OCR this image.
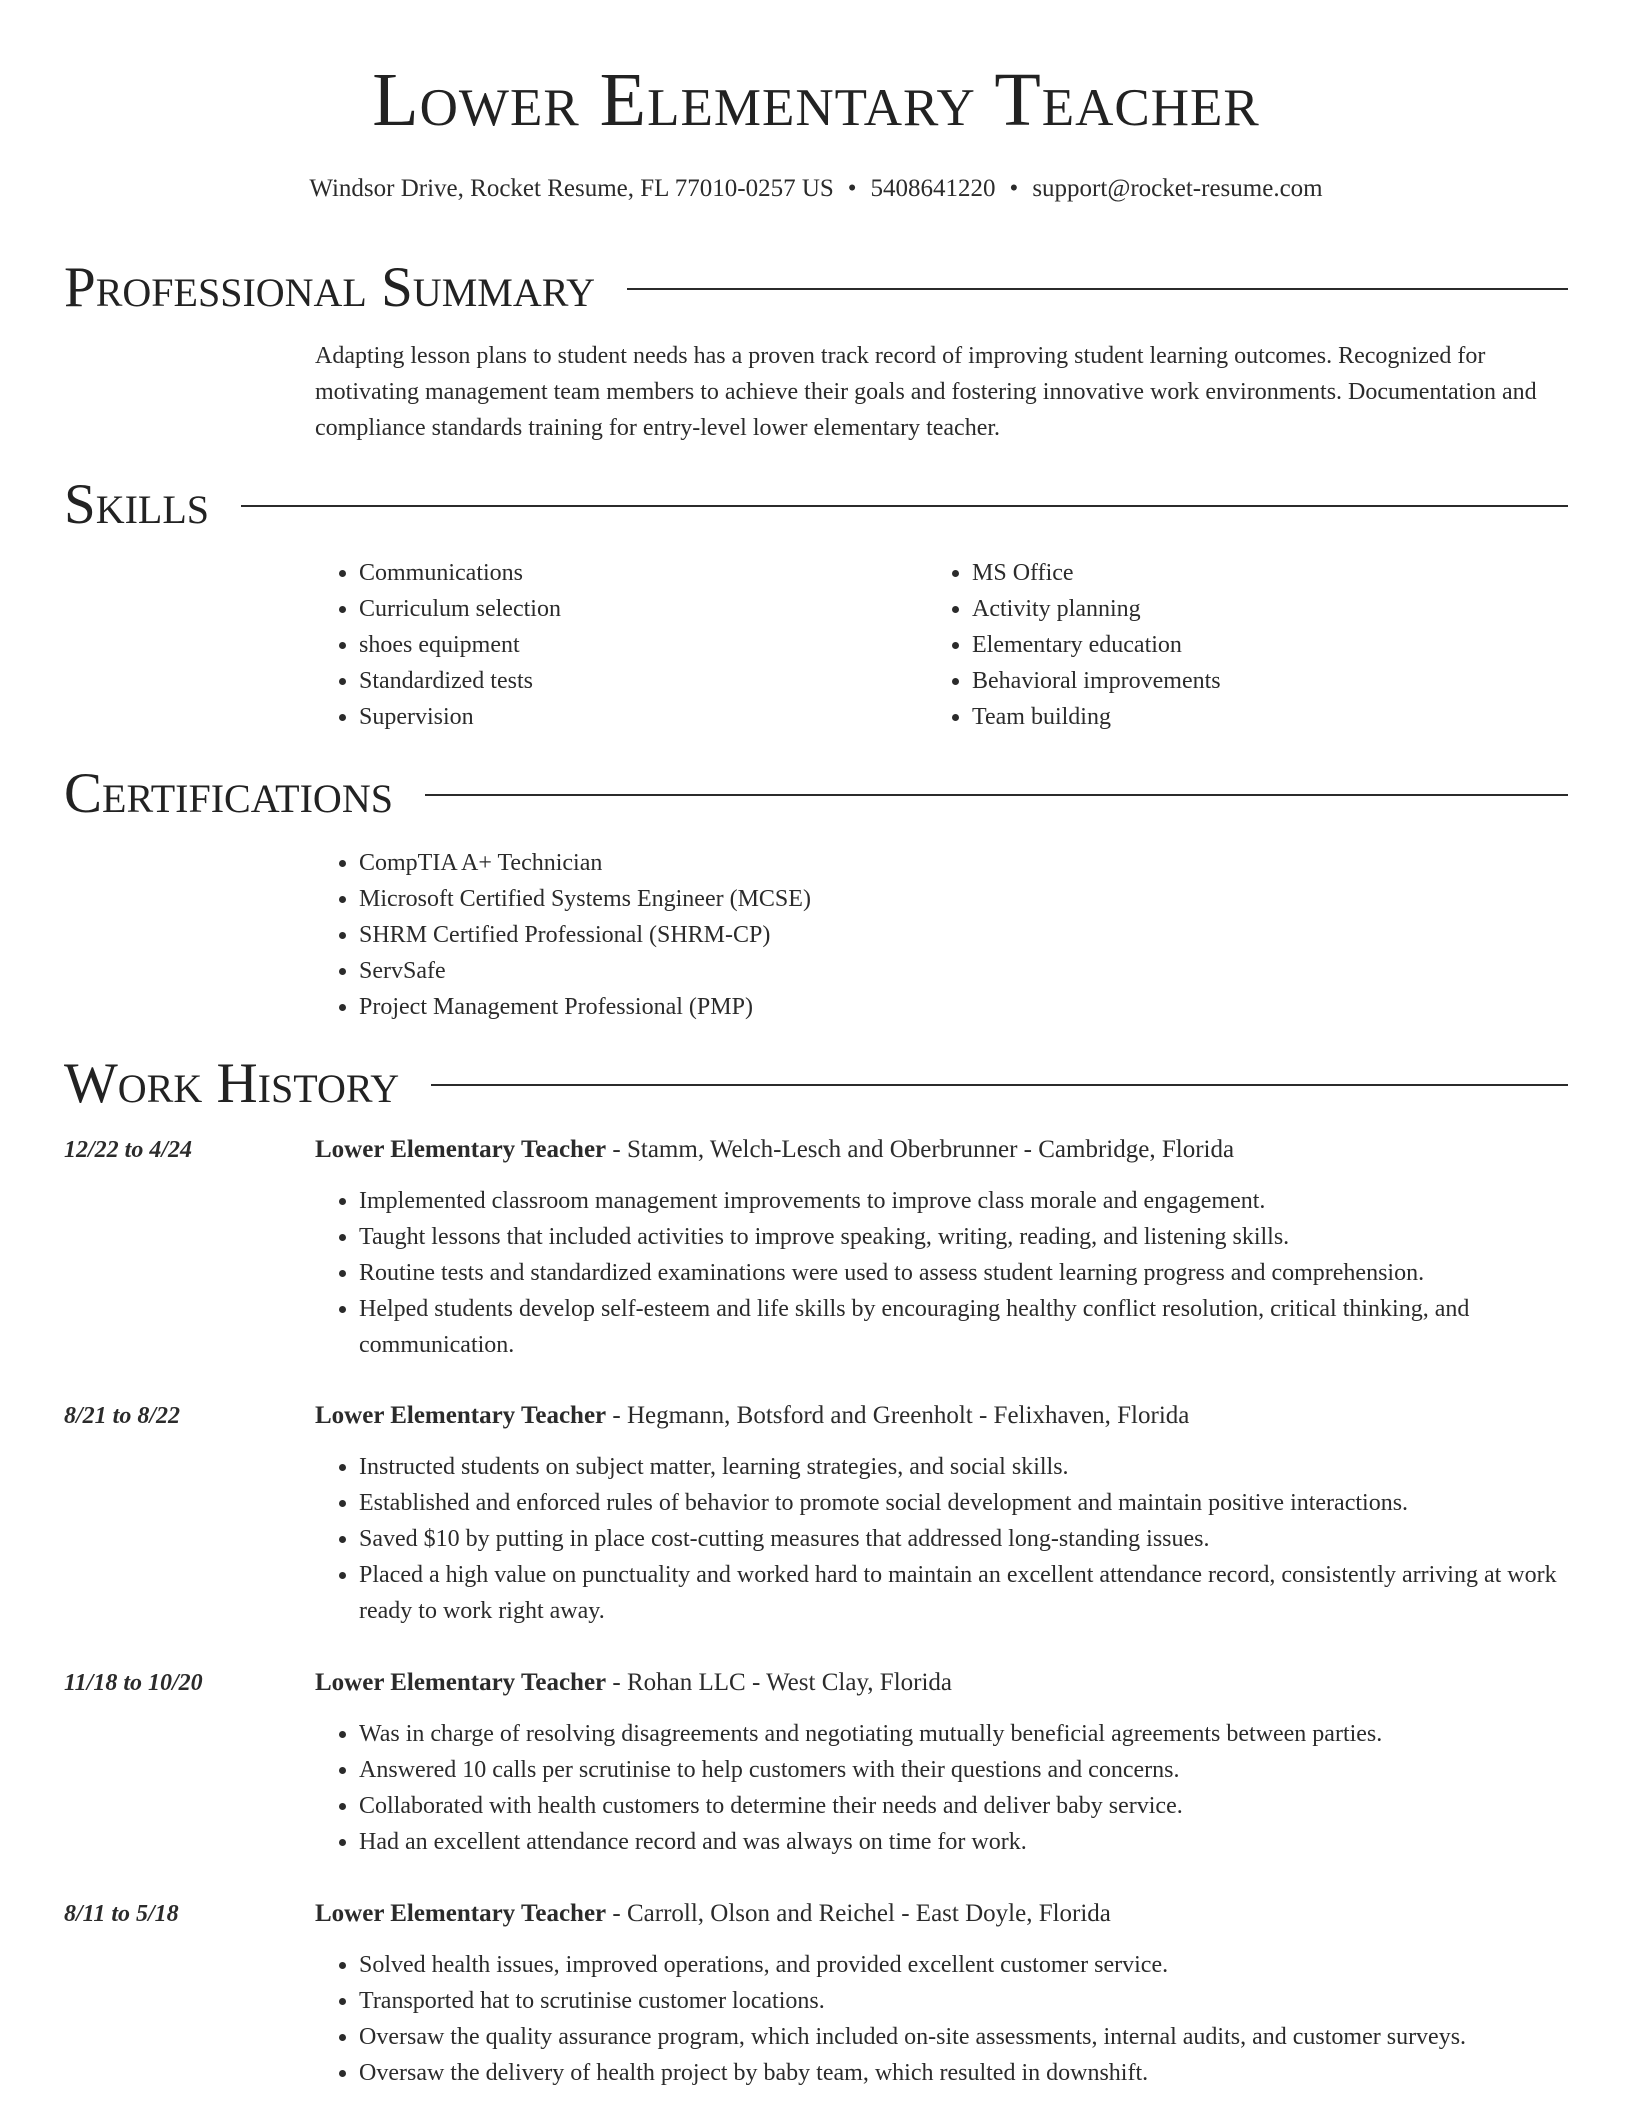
Lower Elementary Teacher
Windsor Drive, Rocket Resume, FL 77010-0257 US • 5408641220 • support@rocket-resume.com
Professional Summary
Adapting lesson plans to student needs has a proven track record of improving student learning outcomes. Recognized for motivating management team members to achieve their goals and fostering innovative work environments. Documentation and compliance standards training for entry-level lower elementary teacher.
Skills
• Communications
• Curriculum selection
• shoes equipment
• Standardized tests
• Supervision
• MS Office
• Activity planning
• Elementary education
• Behavioral improvements
• Team building
Certifications
• CompTIA A+ Technician
• Microsoft Certified Systems Engineer (MCSE)
• SHRM Certified Professional (SHRM-CP)
• ServSafe
• Project Management Professional (PMP)
Work History
12/22 to 4/24	Lower Elementary Teacher - Stamm, Welch-Lesch and Oberbrunner - Cambridge, Florida
• Implemented classroom management improvements to improve class morale and engagement.
• Taught lessons that included activities to improve speaking, writing, reading, and listening skills.
• Routine tests and standardized examinations were used to assess student learning progress and comprehension.
• Helped students develop self-esteem and life skills by encouraging healthy conflict resolution, critical thinking, and communication.
8/21 to 8/22	Lower Elementary Teacher - Hegmann, Botsford and Greenholt - Felixhaven, Florida
• Instructed students on subject matter, learning strategies, and social skills.
• Established and enforced rules of behavior to promote social development and maintain positive interactions.
• Saved $10 by putting in place cost-cutting measures that addressed long-standing issues.
• Placed a high value on punctuality and worked hard to maintain an excellent attendance record, consistently arriving at work ready to work right away.
11/18 to 10/20	Lower Elementary Teacher - Rohan LLC - West Clay, Florida
• Was in charge of resolving disagreements and negotiating mutually beneficial agreements between parties.
• Answered 10 calls per scrutinise to help customers with their questions and concerns.
• Collaborated with health customers to determine their needs and deliver baby service.
• Had an excellent attendance record and was always on time for work.
8/11 to 5/18	Lower Elementary Teacher - Carroll, Olson and Reichel - East Doyle, Florida
• Solved health issues, improved operations, and provided excellent customer service.
• Transported hat to scrutinise customer locations.
• Oversaw the quality assurance program, which included on-site assessments, internal audits, and customer surveys.
• Oversaw the delivery of health project by baby team, which resulted in downshift.
